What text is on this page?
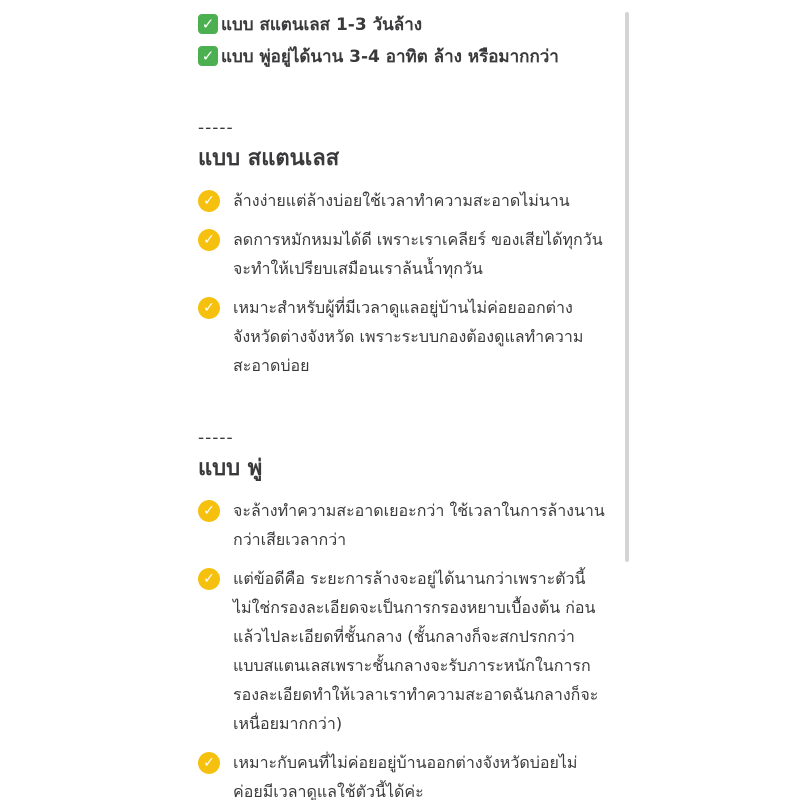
✓ แบบ สแตนเลส 1-3 วันล้าง
✓ แบบ พู่อยู่ได้นาน 3-4 อาทิต ล้าง หรือมากกว่า
-----
แบบ สแตนเลส
✓	ล้างง่ายแต่ล้างบ่อยใช้เวลาทำความสะอาดไม่นาน
✓	ลดการหมักหมมได้ดี เพราะเราเคลียร์ ของเสียได้ทุกวัน จะทำให้เปรียบเสมือนเราล้นน้ำทุกวัน
✓	เหมาะสำหรับผู้ที่มีเวลาดูแลอยู่บ้านไม่ค่อยออกต่างจังหวัดต่างจังหวัด เพราะระบบกองต้องดูแลทำความสะอาดบ่อย
-----
แบบ พู่
✓	จะล้างทำความสะอาดเยอะกว่า ใช้เวลาในการล้างนานกว่าเสียเวลากว่า
✓	แต่ข้อดีคือ ระยะการล้างจะอยู่ได้นานกว่าเพราะตัวนี้ไม่ใช่กรองละเอียดจะเป็นการกรองหยาบเบื้องต้น ก่อน แล้วไปละเอียดที่ชั้นกลาง (ชั้นกลางก็จะสกปรกกว่าแบบสแตนเลสเพราะชั้นกลางจะรับภาระหนักในการกรองละเอียดทำให้เวลาเราทำความสะอาดฉันกลางก็จะเหนื่อยมากกว่า)
✓	เหมาะกับคนที่ไม่ค่อยอยู่บ้านออกต่างจังหวัดบ่อยไม่ค่อยมีเวลาดูแลใช้ตัวนี้ได้ค่ะ
